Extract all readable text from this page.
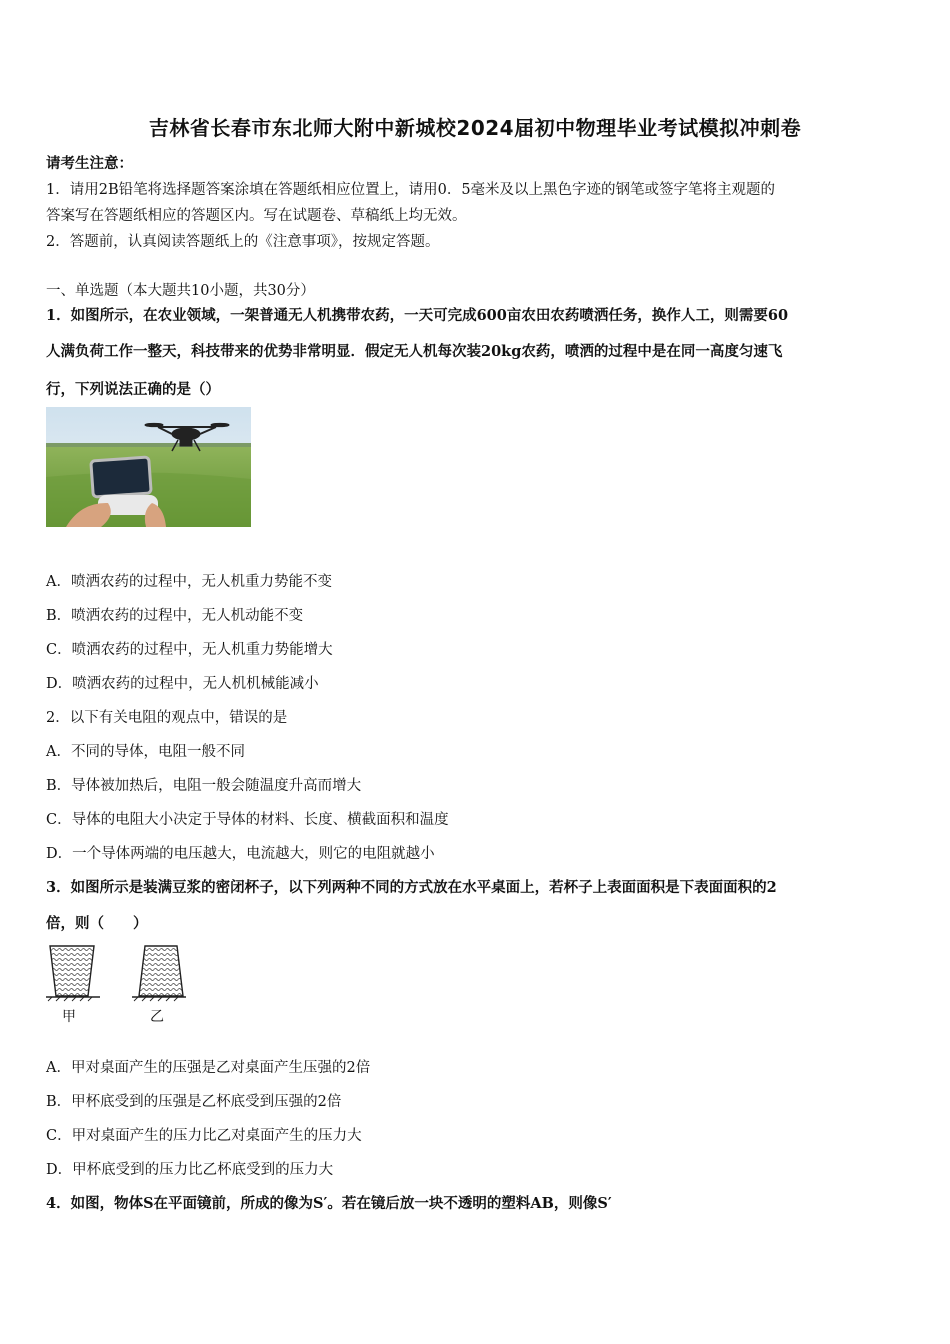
吉林省长春市东北师大附中新城校2024届初中物理毕业考试模拟冲刺卷
请考生注意：
1．请用2B铅笔将选择题答案涂填在答题纸相应位置上，请用0．5毫米及以上黑色字迹的钢笔或签字笔将主观题的
答案写在答题纸相应的答题区内。写在试题卷、草稿纸上均无效。
2．答题前，认真阅读答题纸上的《注意事项》，按规定答题。
一、单选题（本大题共10小题，共30分）
1．如图所示，在农业领域，一架普通无人机携带农药，一天可完成600亩农田农药喷洒任务，换作人工，则需要60
人满负荷工作一整天，科技带来的优势非常明显．假定无人机每次装20kg农药，喷洒的过程中是在同一高度匀速飞
行，下列说法正确的是（）
A．喷洒农药的过程中，无人机重力势能不变
B．喷洒农药的过程中，无人机动能不变
C．喷洒农药的过程中，无人机重力势能增大
D．喷洒农药的过程中，无人机机械能减小
2．以下有关电阻的观点中，错误的是
A．不同的导体，电阻一般不同
B．导体被加热后，电阻一般会随温度升高而增大
C．导体的电阻大小决定于导体的材料、长度、横截面积和温度
D．一个导体两端的电压越大，电流越大，则它的电阻就越小
3．如图所示是装满豆浆的密闭杯子，以下列两种不同的方式放在水平桌面上，若杯子上表面面积是下表面面积的2
倍，则（　　）
甲	乙
A．甲对桌面产生的压强是乙对桌面产生压强的2倍
B．甲杯底受到的压强是乙杯底受到压强的2倍
C．甲对桌面产生的压力比乙对桌面产生的压力大
D．甲杯底受到的压力比乙杯底受到的压力大
4．如图，物体S在平面镜前，所成的像为S′。若在镜后放一块不透明的塑料AB，则像S′
